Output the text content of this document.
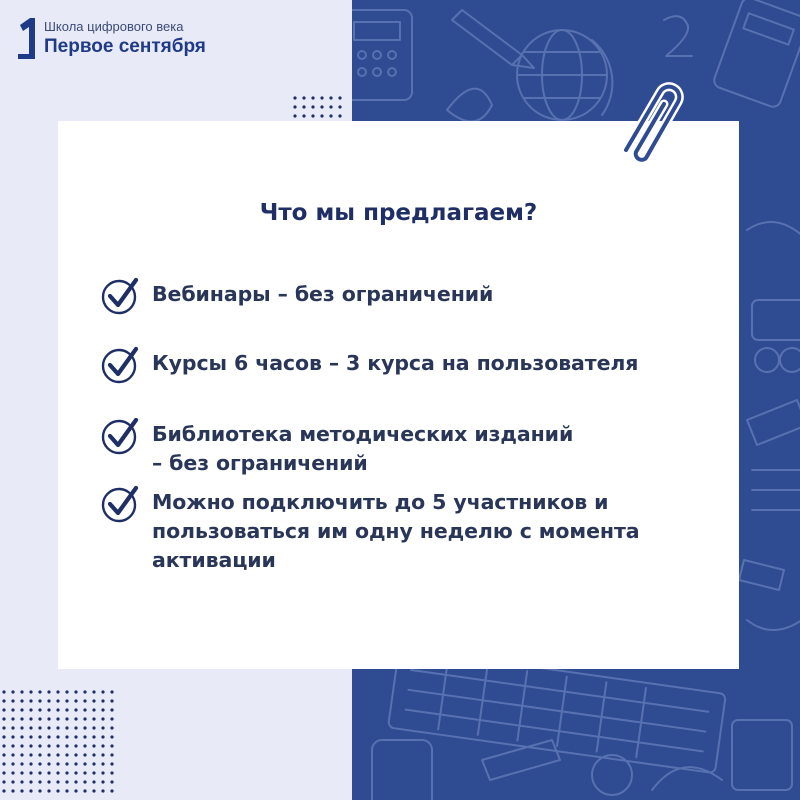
Школа цифрового века
Первое сентября
Что мы предлагаем?
Вебинары – без ограничений
Курсы 6 часов – 3 курса на пользователя
Библиотека методических изданий
– без ограничений
Можно подключить до 5 участников и
пользоваться им одну неделю с момента
активации
